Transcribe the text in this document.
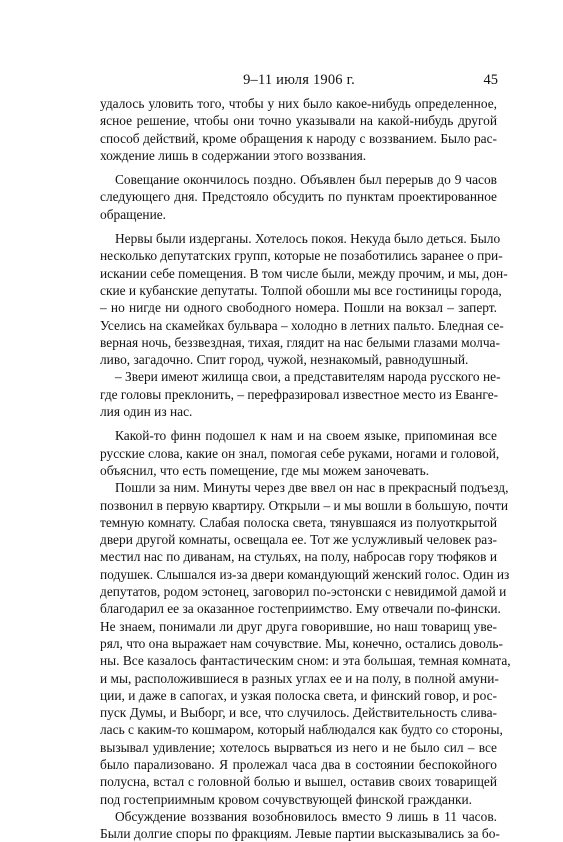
9–11 июля 1906 г.	45
удалось уловить того, чтобы у них было какое-нибудь определенное,
ясное решение, чтобы они точно указывали на какой-нибудь другой
способ действий, кроме обращения к народу с воззванием. Было рас-
хождение лишь в содержании этого воззвания.
Совещание окончилось поздно. Объявлен был перерыв до 9 часов
следующего дня. Предстояло обсудить по пунктам проектированное
обращение.
Нервы были издерганы. Хотелось покоя. Некуда было деться. Было
несколько депутатских групп, которые не позаботились заранее о при-
искании себе помещения. В том числе были, между прочим, и мы, дон-
ские и кубанские депутаты. Толпой обошли мы все гостиницы города,
– но нигде ни одного свободного номера. Пошли на вокзал – заперт.
Уселись на скамейках бульвара – холодно в летних пальто. Бледная се-
верная ночь, беззвездная, тихая, глядит на нас белыми глазами молча-
ливо, загадочно. Спит город, чужой, незнакомый, равнодушный.
– Звери имеют жилища свои, а представителям народа русского не-
где головы преклонить, – перефразировал известное место из Еванге-
лия один из нас.
Какой-то финн подошел к нам и на своем языке, припоминая все
русские слова, какие он знал, помогая себе руками, ногами и головой,
объяснил, что есть помещение, где мы можем заночевать.
Пошли за ним. Минуты через две ввел он нас в прекрасный подъезд,
позвонил в первую квартиру. Открыли – и мы вошли в большую, почти
темную комнату. Слабая полоска света, тянувшаяся из полуоткрытой
двери другой комнаты, освещала ее. Тот же услужливый человек раз-
местил нас по диванам, на стульях, на полу, набросав гору тюфяков и
подушек. Слышался из-за двери командующий женский голос. Один из
депутатов, родом эстонец, заговорил по-эстонски с невидимой дамой и
благодарил ее за оказанное гостеприимство. Ему отвечали по-фински.
Не знаем, понимали ли друг друга говорившие, но наш товарищ уве-
рял, что она выражает нам сочувствие. Мы, конечно, остались доволь-
ны. Все казалось фантастическим сном: и эта большая, темная комната,
и мы, расположившиеся в разных углах ее и на полу, в полной амуни-
ции, и даже в сапогах, и узкая полоска света, и финский говор, и рос-
пуск Думы, и Выборг, и все, что случилось. Действительность слива-
лась с каким-то кошмаром, который наблюдался как будто со стороны,
вызывал удивление; хотелось вырваться из него и не было сил – все
было парализовано. Я пролежал часа два в состоянии беспокойного
полусна, встал с головной болью и вышел, оставив своих товарищей
под гостеприимным кровом сочувствующей финской гражданки.
Обсуждение воззвания возобновилось вместо 9 лишь в 11 часов.
Были долгие споры по фракциям. Левые партии высказывались за бо-
